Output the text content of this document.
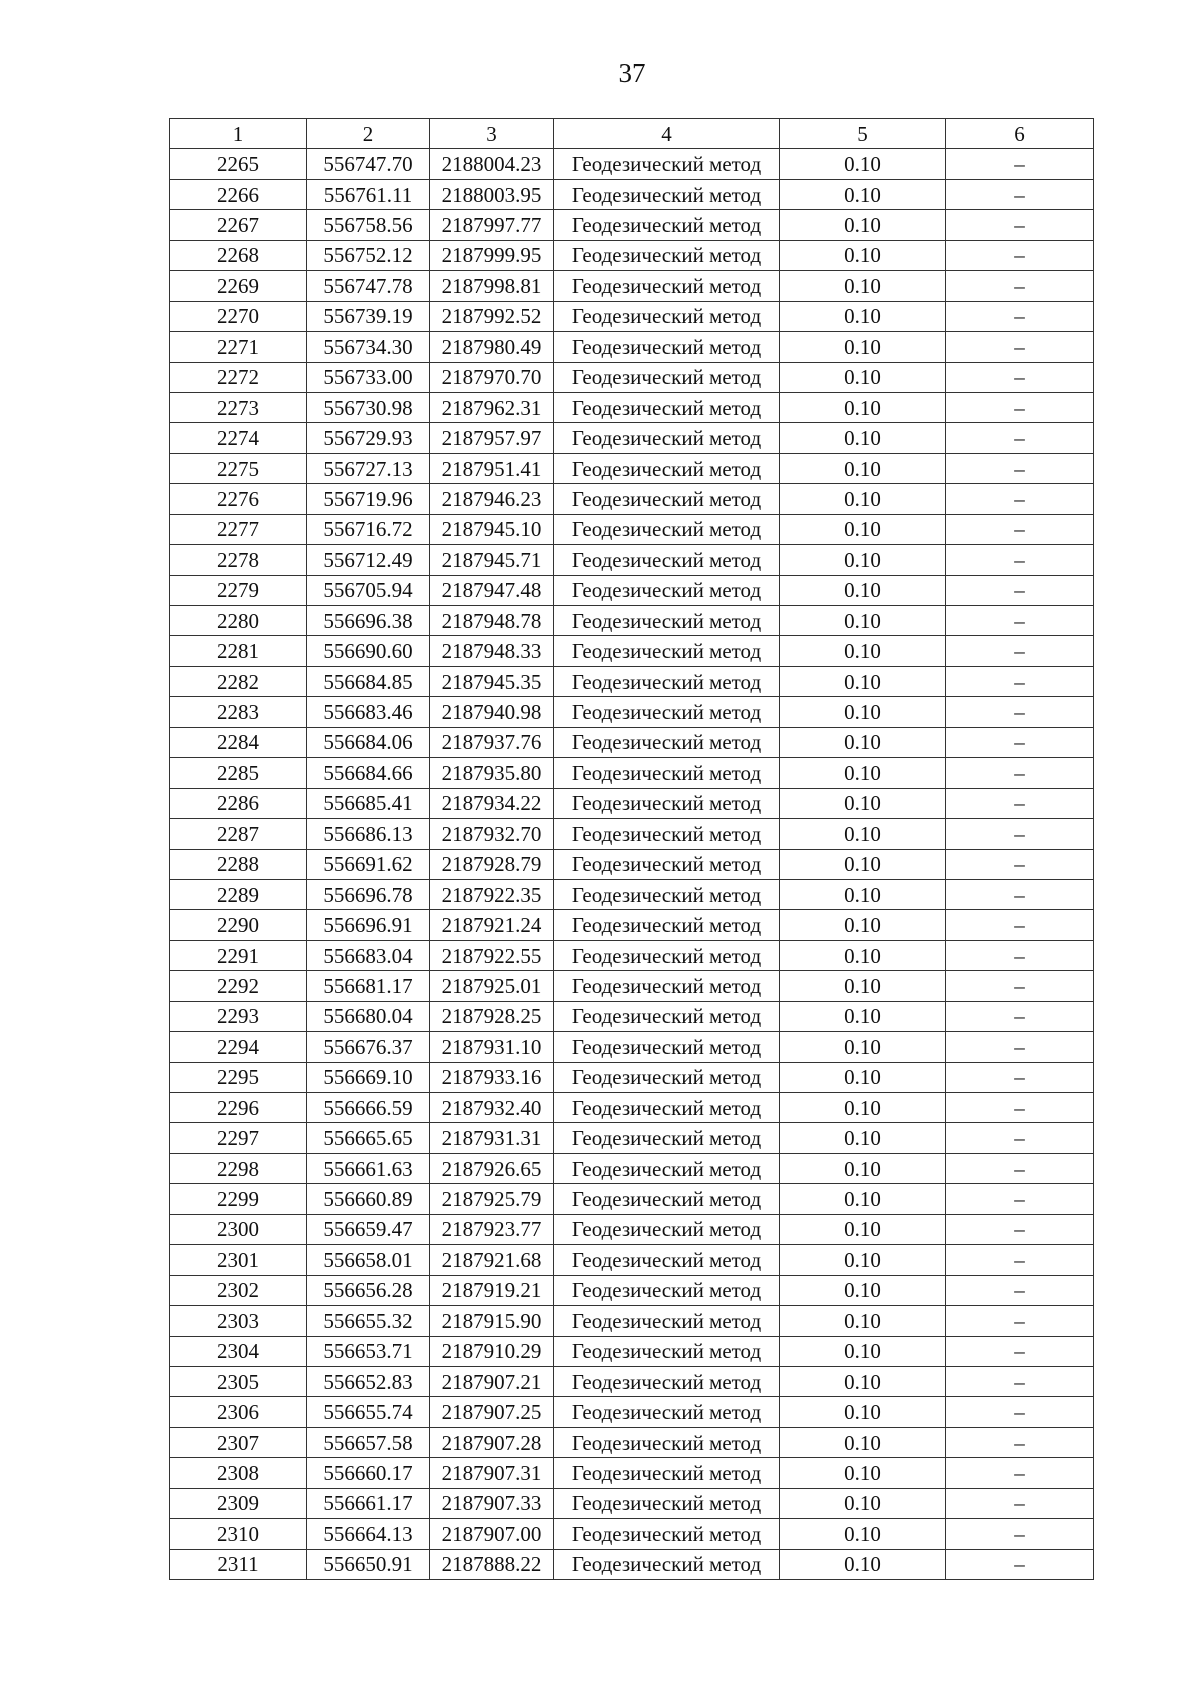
37
1	2	3	4	5	6
2265	556747.70	2188004.23	Геодезический метод	0.10	–
2266	556761.11	2188003.95	Геодезический метод	0.10	–
2267	556758.56	2187997.77	Геодезический метод	0.10	–
2268	556752.12	2187999.95	Геодезический метод	0.10	–
2269	556747.78	2187998.81	Геодезический метод	0.10	–
2270	556739.19	2187992.52	Геодезический метод	0.10	–
2271	556734.30	2187980.49	Геодезический метод	0.10	–
2272	556733.00	2187970.70	Геодезический метод	0.10	–
2273	556730.98	2187962.31	Геодезический метод	0.10	–
2274	556729.93	2187957.97	Геодезический метод	0.10	–
2275	556727.13	2187951.41	Геодезический метод	0.10	–
2276	556719.96	2187946.23	Геодезический метод	0.10	–
2277	556716.72	2187945.10	Геодезический метод	0.10	–
2278	556712.49	2187945.71	Геодезический метод	0.10	–
2279	556705.94	2187947.48	Геодезический метод	0.10	–
2280	556696.38	2187948.78	Геодезический метод	0.10	–
2281	556690.60	2187948.33	Геодезический метод	0.10	–
2282	556684.85	2187945.35	Геодезический метод	0.10	–
2283	556683.46	2187940.98	Геодезический метод	0.10	–
2284	556684.06	2187937.76	Геодезический метод	0.10	–
2285	556684.66	2187935.80	Геодезический метод	0.10	–
2286	556685.41	2187934.22	Геодезический метод	0.10	–
2287	556686.13	2187932.70	Геодезический метод	0.10	–
2288	556691.62	2187928.79	Геодезический метод	0.10	–
2289	556696.78	2187922.35	Геодезический метод	0.10	–
2290	556696.91	2187921.24	Геодезический метод	0.10	–
2291	556683.04	2187922.55	Геодезический метод	0.10	–
2292	556681.17	2187925.01	Геодезический метод	0.10	–
2293	556680.04	2187928.25	Геодезический метод	0.10	–
2294	556676.37	2187931.10	Геодезический метод	0.10	–
2295	556669.10	2187933.16	Геодезический метод	0.10	–
2296	556666.59	2187932.40	Геодезический метод	0.10	–
2297	556665.65	2187931.31	Геодезический метод	0.10	–
2298	556661.63	2187926.65	Геодезический метод	0.10	–
2299	556660.89	2187925.79	Геодезический метод	0.10	–
2300	556659.47	2187923.77	Геодезический метод	0.10	–
2301	556658.01	2187921.68	Геодезический метод	0.10	–
2302	556656.28	2187919.21	Геодезический метод	0.10	–
2303	556655.32	2187915.90	Геодезический метод	0.10	–
2304	556653.71	2187910.29	Геодезический метод	0.10	–
2305	556652.83	2187907.21	Геодезический метод	0.10	–
2306	556655.74	2187907.25	Геодезический метод	0.10	–
2307	556657.58	2187907.28	Геодезический метод	0.10	–
2308	556660.17	2187907.31	Геодезический метод	0.10	–
2309	556661.17	2187907.33	Геодезический метод	0.10	–
2310	556664.13	2187907.00	Геодезический метод	0.10	–
2311	556650.91	2187888.22	Геодезический метод	0.10	–
